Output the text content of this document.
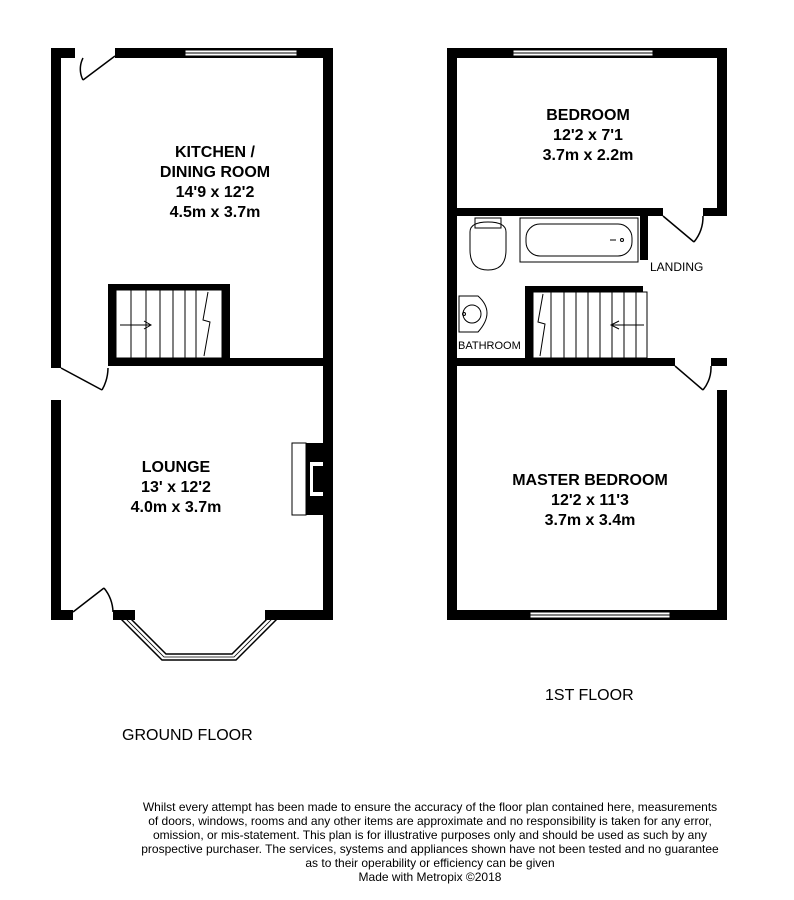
KITCHEN /
DINING ROOM
14'9 x 12'2
4.5m x 3.7m
LOUNGE
13' x 12'2
4.0m x 3.7m
GROUND FLOOR
BEDROOM
12'2 x 7'1
3.7m x 2.2m
MASTER BEDROOM
12'2 x 11'3
3.7m x 3.4m
LANDING
BATHROOM
1ST FLOOR
Whilst every attempt has been made to ensure the accuracy of the floor plan contained here, measurements
of doors, windows, rooms and any other items are approximate and no responsibility is taken for any error,
omission, or mis-statement. This plan is for illustrative purposes only and should be used as such by any
prospective purchaser. The services, systems and appliances shown have not been tested and no guarantee
as to their operability or efficiency can be given
Made with Metropix ©2018
